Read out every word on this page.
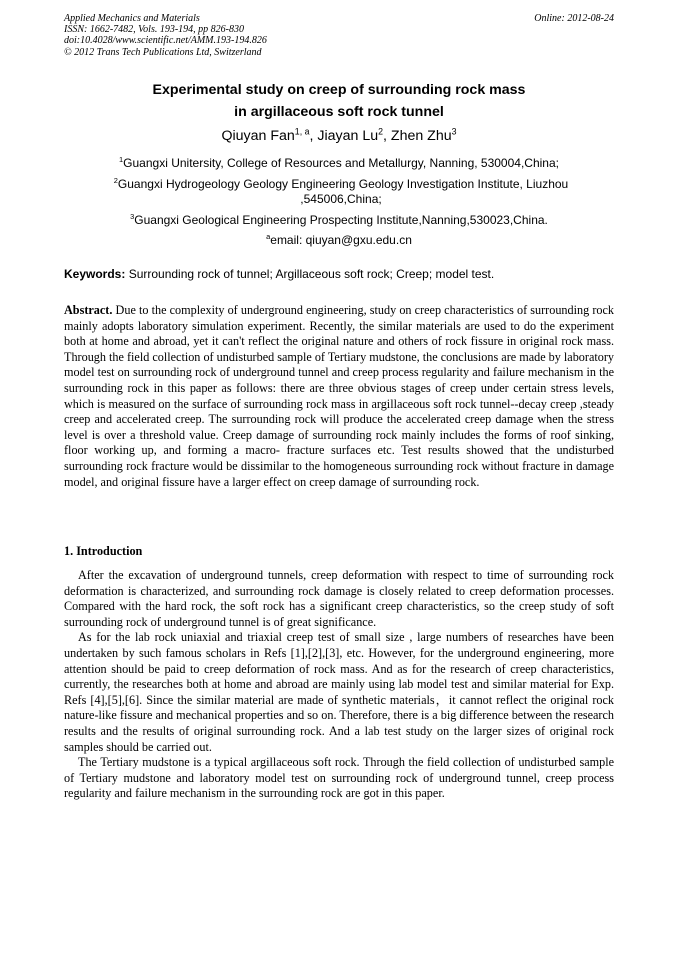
Applied Mechanics and Materials
ISSN: 1662-7482, Vols. 193-194, pp 826-830
doi:10.4028/www.scientific.net/AMM.193-194.826
© 2012 Trans Tech Publications Ltd, Switzerland
Online: 2012-08-24
Experimental study on creep of surrounding rock mass
in argillaceous soft rock tunnel
Qiuyan Fan$^{1, a}$, Jiayan Lu$^2$, Zhen Zhu$^3$
$^1$Guangxi Unitersity, College of Resources and Metallurgy, Nanning, 530004,China;
$^2$Guangxi Hydrogeology Geology Engineering Geology Investigation Institute, Liuzhou ,545006,China;
$^3$Guangxi Geological Engineering Prospecting Institute,Nanning,530023,China.
$^a$email: qiuyan@gxu.edu.cn
Keywords: Surrounding rock of tunnel; Argillaceous soft rock; Creep; model test.

Abstract. Due to the complexity of underground engineering, study on creep characteristics of surrounding rock mainly adopts laboratory simulation experiment. Recently, the similar materials are used to do the experiment both at home and abroad, yet it can't reflect the original nature and others of rock fissure in original rock mass. Through the field collection of undisturbed sample of Tertiary mudstone, the conclusions are made by laboratory model test on surrounding rock of underground tunnel and creep process regularity and failure mechanism in the surrounding rock in this paper as follows: there are three obvious stages of creep under certain stress levels, which is measured on the surface of surrounding rock mass in argillaceous soft rock tunnel--decay creep ,steady creep and accelerated creep. The surrounding rock will produce the accelerated creep damage when the stress level is over a threshold value. Creep damage of surrounding rock mainly includes the forms of roof sinking, floor working up, and forming a macro- fracture surfaces etc. Test results showed that the undisturbed surrounding rock fracture would be dissimilar to the homogeneous surrounding rock without fracture in damage model, and original fissure have a larger effect on creep damage of surrounding rock.

1. Introduction

After the excavation of underground tunnels, creep deformation with respect to time of surrounding rock deformation is characterized, and surrounding rock damage is closely related to creep deformation processes. Compared with the hard rock, the soft rock has a significant creep characteristics, so the creep study of soft surrounding rock of underground tunnel is of great significance.

As for the lab rock uniaxial and triaxial creep test of small size , large numbers of researches have been undertaken by such famous scholars in Refs [1],[2],[3], etc. However, for the underground engineering, more attention should be paid to creep deformation of rock mass. And as for the research of creep characteristics, currently, the researches both at home and abroad are mainly using lab model test and similar material for Exp. Refs [4],[5],[6]. Since the similar material are made of synthetic materials，it cannot reflect the original rock nature-like fissure and mechanical properties and so on. Therefore, there is a big difference between the research results and the results of original surrounding rock. And a lab test study on the larger sizes of original rock samples should be carried out.

The Tertiary mudstone is a typical argillaceous soft rock. Through the field collection of undisturbed sample of Tertiary mudstone and laboratory model test on surrounding rock of underground tunnel, creep process regularity and failure mechanism in the surrounding rock are got in this paper.
